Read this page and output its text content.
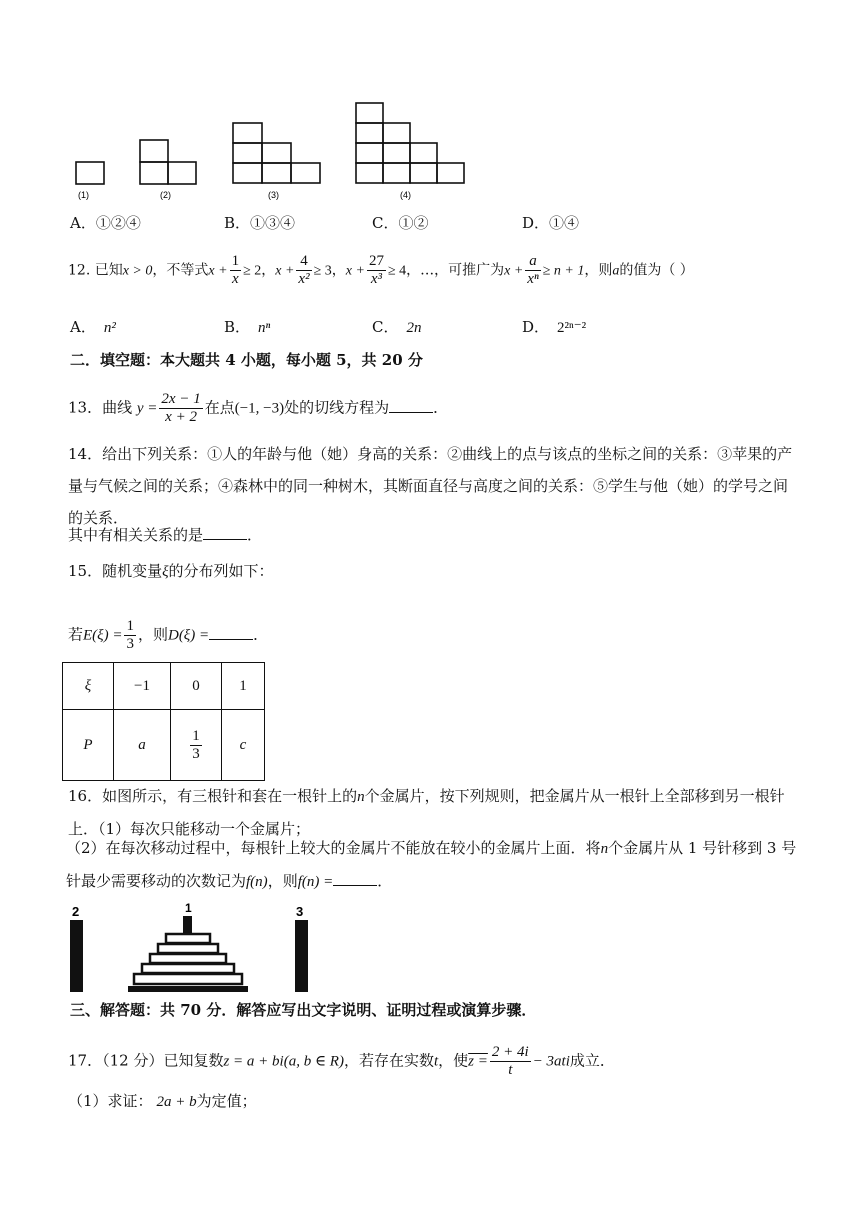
(1)	(2)	(3)	(4)
A．①②④	B．①③④	C．①②	D．①④
12. 已知x > 0，不等式$x + \frac{1}{x} \ge 2$，$x + \frac{4}{\text{x²}} \ge 3$，$x + \frac{27}{\text{x³}} \ge 4$，…，可推广为$x + \frac{a}{\text{xⁿ}} \ge n + 1$，则a的值为（ ）
A． n²	B． nⁿ	C． 2n	D． 2²ⁿ⁻²
二．填空题：本大题共 4 小题，每小题 5，共 20 分
13．曲线 $y = \frac{2x - 1}{x + 2}$ 在点(−1, −3)处的切线方程为	．
14．给出下列关系：①人的年龄与他（她）身高的关系：②曲线上的点与该点的坐标之间的关系：③苹果的产量与气候之间的关系；④森林中的同一种树木，其断面直径与高度之间的关系：⑤学生与他（她）的学号之间的关系．
其中有相关关系的是	．
15．随机变量ξ的分布列如下：
若$E(\xi) = \frac{1}{3}$ ，则D(ξ) =	．
ξ	−1	0	1
P	a	$\frac{1}{3}$	c
16．如图所示，有三根针和套在一根针上的n个金属片，按下列规则，把金属片从一根针上全部移到另一根针上．（1）每次只能移动一个金属片；
（2）在每次移动过程中，每根针上较大的金属片不能放在较小的金属片上面．将n个金属片从 1 号针移到 3 号针最少需要移动的次数记为f(n)，则f(n) =	．
2	1	3
三、解答题：共 70 分．解答应写出文字说明、证明过程或演算步骤．
17．（12 分）已知复数z = a + bi(a, b ∈ R)，若存在实数t，使$z = \frac{2 + 4i}{t} - 3ati$成立．
（1）求证： 2a + b为定值；
